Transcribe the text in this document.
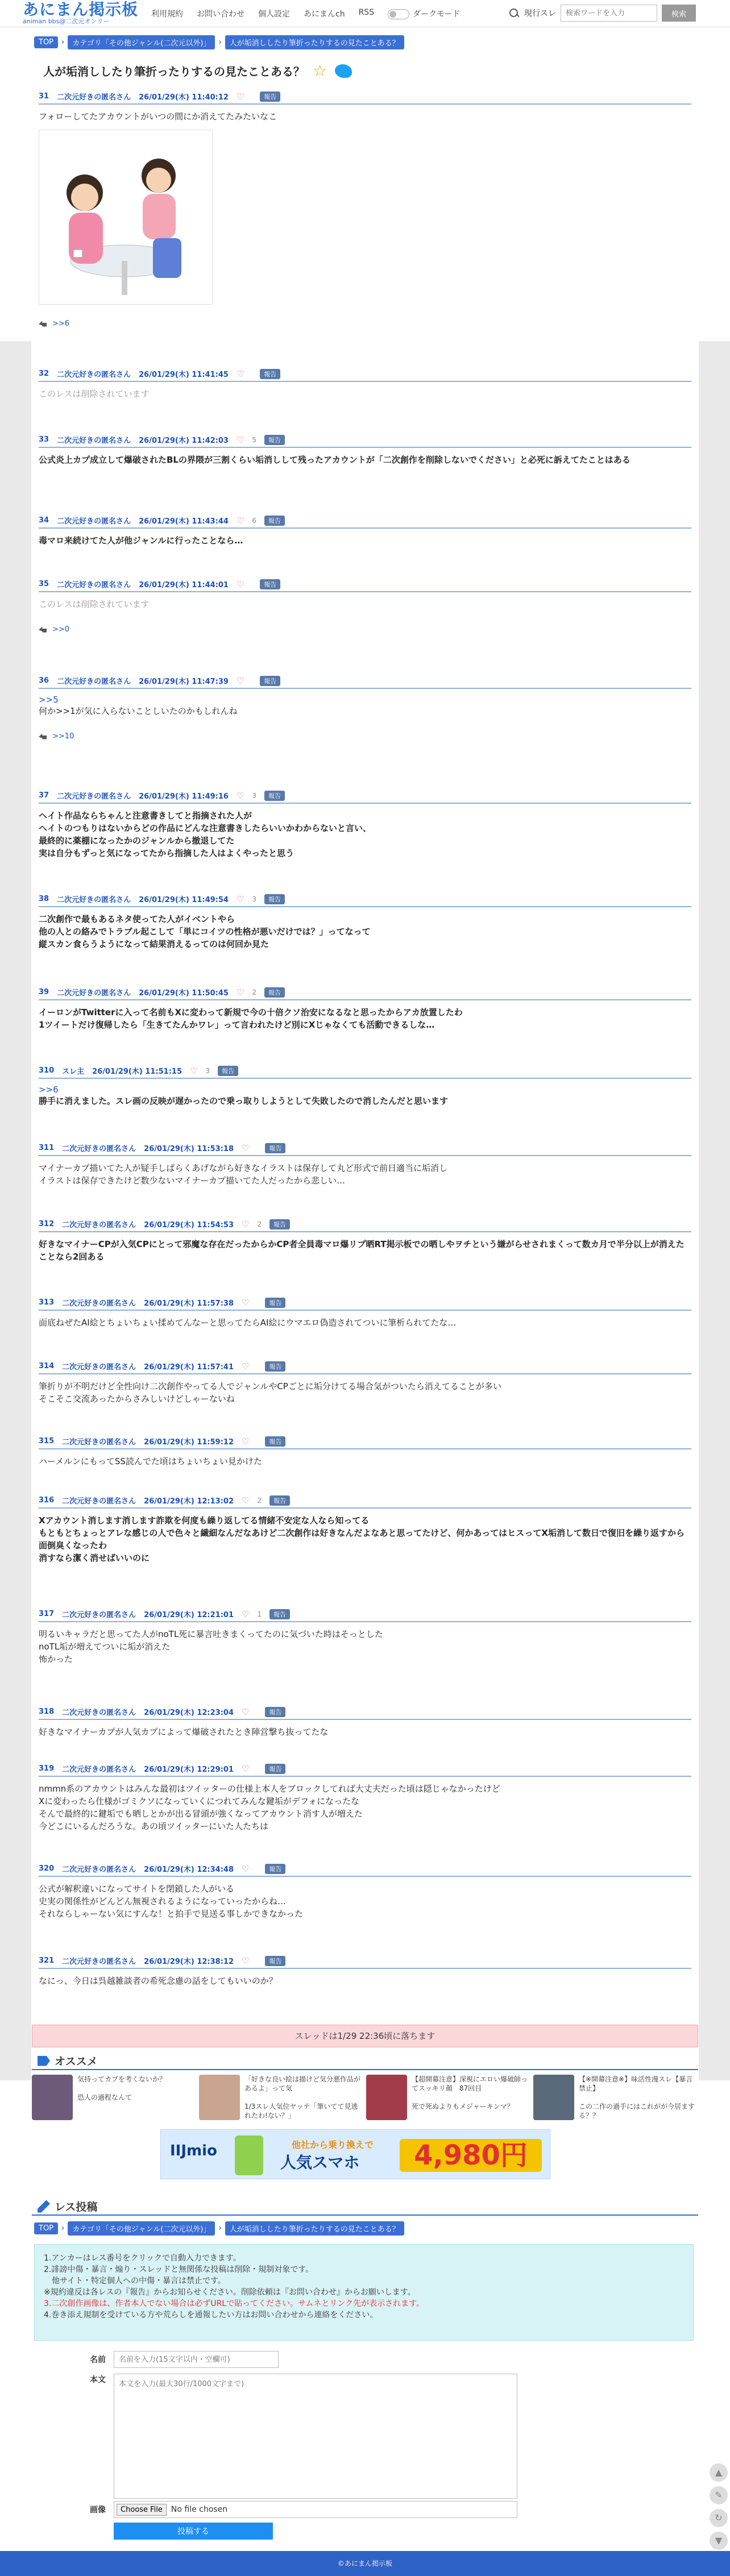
あにまん掲示板
animan bbs@二次元オンリー
利用規約 お問い合わせ 個人設定 あにまんch RSS	ダークモード	現行スレ
検索ワードを入力	検索
TOP	›	カテゴリ「その他ジャンル(二次元以外)」	›	人が垢消ししたり筆折ったりするの見たことある？
人が垢消ししたり筆折ったりするの見たことある？ ☆
31 二次元好きの匿名さん 26/01/29(木) 11:40:12 ♡	報告
フォローしてたアカウントがいつの間にか消えてたみたいなこ
>>6
32 二次元好きの匿名さん 26/01/29(木) 11:41:45 ♡	報告
このレスは削除されています
33 二次元好きの匿名さん 26/01/29(木) 11:42:03 ♡ 5	報告
公式炎上カプ成立して爆破されたBLの界隈が三割くらい垢消しして残ったアカウントが「二次創作を削除しないでください」と必死に訴えてたことはある
34 二次元好きの匿名さん 26/01/29(木) 11:43:44 ♡ 6	報告
毒マロ来続けてた人が他ジャンルに行ったことなら…
35 二次元好きの匿名さん 26/01/29(木) 11:44:01 ♡	報告
このレスは削除されています
>>0
36 二次元好きの匿名さん 26/01/29(木) 11:47:39 ♡	報告
>>5
何か>>1が気に入らないことしいたのかもしれんね
>>10
37 二次元好きの匿名さん 26/01/29(木) 11:49:16 ♡ 3	報告
ヘイト作品ならちゃんと注意書きしてと指摘された人が
ヘイトのつもりはないからどの作品にどんな注意書きしたらいいかわからないと言い、
最終的に薬棚になったかのジャンルから撤退してた
実は自分もずっと気になってたから指摘した人はよくやったと思う
38 二次元好きの匿名さん 26/01/29(木) 11:49:54 ♡ 3	報告
二次創作で最もあるネタ使ってた人がイベントやら
他の人との絡みでトラブル起こして「単にコイツの性格が悪いだけでは？」ってなって
縦スカン食らうようになって結果消えるってのは何回か見た
39 二次元好きの匿名さん 26/01/29(木) 11:50:45 ♡ 2	報告
イーロンがTwitterに入って名前もXに変わって新規で今の十倍クソ治安になるなと思ったからアカ放置したわ
1ツイートだけ復帰したら「生きてたんかワレ」って言われたけど別にXじゃなくても活動できるしな…
310 スレ主 26/01/29(木) 11:51:15 ♡ 3	報告
>>6
勝手に消えました。スレ画の反映が遅かったので乗っ取りしようとして失敗したので消したんだと思います
311 二次元好きの匿名さん 26/01/29(木) 11:53:18 ♡	報告
マイナーカプ描いてた人が疑手しばらくあげながら好きなイラストは保存して丸ど形式で前日適当に垢消し
イラストは保存できたけど数少ないマイナーカプ描いてた人だったから悲しい…
312 二次元好きの匿名さん 26/01/29(木) 11:54:53 ♡ 2	報告
好きなマイナーCPが入気CPにとって邪魔な存在だったからかCP者全員毒マロ爆リプ晒RT掲示板での晒しやヲチという嫌がらせされまくって数カ月で半分以上が消えたことなら2回ある
313 二次元好きの匿名さん 26/01/29(木) 11:57:38 ♡	報告
面底ねぜたAI絵とちょいちょい揉めてんなーと思ってたらAI絵にウマエロ偽造されてついに筆析られてたな…
314 二次元好きの匿名さん 26/01/29(木) 11:57:41 ♡	報告
筆折りが不明だけど全性向け二次創作やってる人でジャンルやCPごとに垢分けてる場合気がついたら消えてることが多い
そこそこ交流あったからさみしいけどしゃーないね
315 二次元好きの匿名さん 26/01/29(木) 11:59:12 ♡	報告
ハーメルンにもってSS読んでた頃はちょいちょい見かけた
316 二次元好きの匿名さん 26/01/29(木) 12:13:02 ♡ 2	報告
Xアカウント消します消します詐欺を何度も繰り返してる情緒不安定な人なら知ってる
もともとちょっとアレな感じの人で色々と繊細なんだなあけど二次創作は好きなんだよなあと思ってたけど、何かあってはヒスってX垢消して数日で復旧を繰り返すから面倒臭くなったわ
消すなら潔く消せばいいのに
317 二次元好きの匿名さん 26/01/29(木) 12:21:01 ♡ 1	報告
明るいキャラだと思ってた人がnoTL死に暴言吐きまくってたのに気づいた時はそっとした
noTL垢が増えてついに垢が消えた
怖かった
318 二次元好きの匿名さん 26/01/29(木) 12:23:04 ♡	報告
好きなマイナーカプが人気カプによって爆破されたとき陣営撃ち抜ってたな
319 二次元好きの匿名さん 26/01/29(木) 12:29:01 ♡	報告
nmmn系のアカウントはみんな最初はツイッターの仕様上本人をブロックしてれば大丈夫だった頃は隠じゃなかったけど
Xに変わったら仕様がゴミクソになっていくにつれてみんな鍵垢がデフォになったな
そんで最終的に鍵垢でも晒しとかが出る冒頭が強くなってアカウント消す人が増えた
今どこにいるんだろうな。あの頃ツイッターにいた人たちは
320 二次元好きの匿名さん 26/01/29(木) 12:34:48 ♡	報告
公式が解釈違いになってサイトを閉鎖した人がいる
史実の関係性がどんどん無視されるようになっていったからね…
それならしゃーない気にすんな！と拍手で見送る事しかできなかった
321 二次元好きの匿名さん 26/01/29(木) 12:38:12 ♡	報告
なにっ、今日は呉越雑談者の希死念慮の話をしてもいいのか？
スレッドは1/29 22:36頃に落ちます
オススメ
気持ってカプを考くないか？

恐人の過程なんて
「好きな良い絵は描けど気分悪作品があるよ」って気

1/3スレ人気位ヤッテ「筆いてて見逃れたわ!ない？」
【超開幕注意】深視にエロい爆破師ってスッキリ顔　87回目

死で死ぬよりもメジャーキンマ？
【※開幕注意※】味活性漫スレ【暴言禁止】

この二作の過手にはこれがが今居まする？？
IIJmio	他社から乗り換えで
人気スマホ	4,980円
レス投稿
TOP	›	カテゴリ「その他ジャンル(二次元以外)」	›	人が垢消ししたり筆折ったりするの見たことある？
1.アンカーはレス番号をクリックで自動入力できます。
2.誹謗中傷・暴言・煽り・スレッドと無関係な投稿は削除・規制対象です。
他サイト・特定個人への中傷・暴言は禁止です。
※規約違反は各レスの『報告』からお知らせください。削除依頼は『お問い合わせ』からお願いします。
3.二次創作画像は、作者本人でない場合は必ずURLで貼ってください。サムネとリンク先が表示されます。
4.巻き添え規制を受けている方や荒らしを通報したい方はお問い合わせから連絡をください。
名前
名前を入力(15文字以内・空欄可)
本文
本文を入力(最大30行/1000文字まで)
画像	Choose File	No file chosen
投稿する
▲
✎
↻
▼
©あにまん掲示板
